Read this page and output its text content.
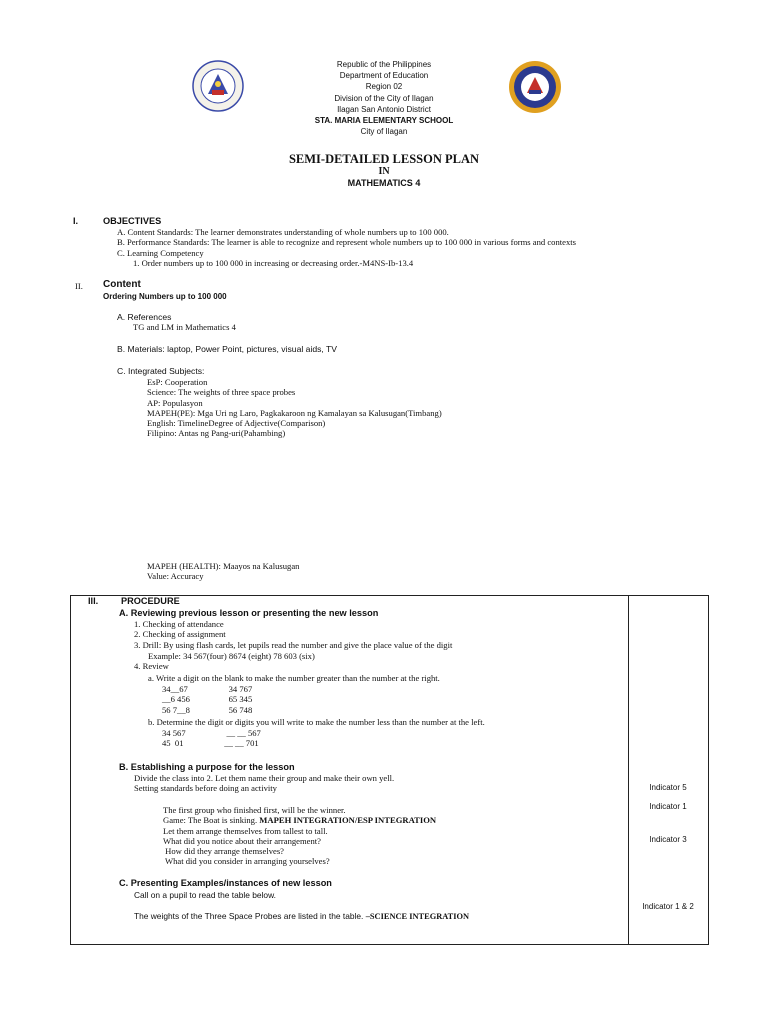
Republic of the Philippines
Department of Education
Region 02
Division of the City of Ilagan
Ilagan San Antonio District
STA. MARIA ELEMENTARY SCHOOL
City of Ilagan
SEMI-DETAILED LESSON PLAN
IN
MATHEMATICS 4
I.	OBJECTIVES
A. Content Standards: The learner demonstrates understanding of whole numbers up to 100 000.
B. Performance Standards: The learner is able to recognize and represent whole numbers up to 100 000 in various forms and contexts
C. Learning Competency
1. Order numbers up to 100 000 in increasing or decreasing order.-M4NS-Ib-13.4
II. Content
Ordering Numbers up to 100 000
A. References
TG and LM in Mathematics 4
B. Materials: laptop, Power Point, pictures, visual aids, TV
C. Integrated Subjects:
EsP: Cooperation
Science: The weights of three space probes
AP: Populasyon
MAPEH(PE): Mga Uri ng Laro, Pagkakaroon ng Kamalayan sa Kalusugan(Timbang)
English: TimelineDegree of Adjective(Comparison)
Filipino: Antas ng Pang-uri(Pahambing)
MAPEH (HEALTH): Maayos na Kalusugan
Value: Accuracy
III. PROCEDURE
A. Reviewing previous lesson or presenting the new lesson
1. Checking of attendance
2. Checking of assignment
3. Drill: By using flash cards, let pupils read the number and give the place value of the digit
Example: 34 567(four) 8674 (eight) 78 603 (six)
4. Review
a. Write a digit on the blank to make the number greater than the number at the right.
34__67                   34 767
__6 456                  65 345
56 7__8                  56 748
b. Determine the digit or digits you will write to make the number less than the number at the left.
34 567                   __ __ 567
45  01                   __ __ 701
B. Establishing a purpose for the lesson
Divide the class into 2. Let them name their group and make their own yell.
Setting standards before doing an activity
The first group who finished first, will be the winner.
Game: The Boat is sinking. MAPEH INTEGRATION/ESP INTEGRATION
Let them arrange themselves from tallest to tall.
What did you notice about their arrangement?
How did they arrange themselves?
What did you consider in arranging yourselves?
C. Presenting Examples/instances of new lesson
Call on a pupil to read the table below.
The weights of the Three Space Probes are listed in the table. –SCIENCE INTEGRATION
Indicator 5
Indicator 1
Indicator 3
Indicator 1 & 2
